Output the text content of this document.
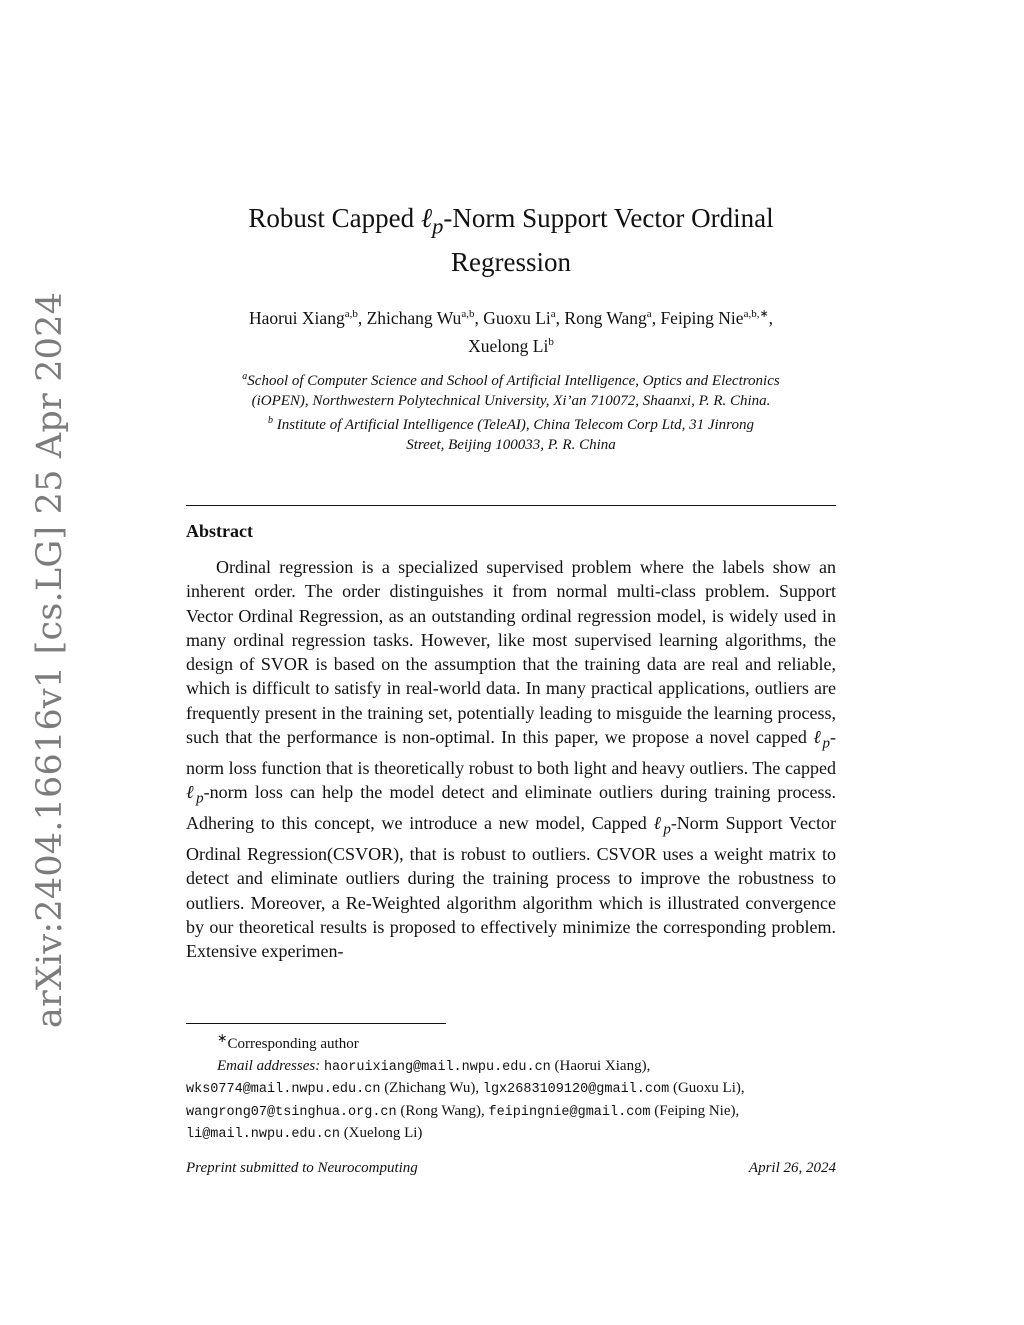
arXiv:2404.16616v1 [cs.LG] 25 Apr 2024
Robust Capped ℓ$_p$-Norm Support Vector Ordinal
Regression
Haorui Xiang$^{a,b}$, Zhichang Wu$^{a,b}$, Guoxu Li$^a$, Rong Wang$^a$, Feiping Nie$^{a,b,∗}$,
Xuelong Li$^b$
$^a$School of Computer Science and School of Artificial Intelligence, Optics and Electronics
(iOPEN), Northwestern Polytechnical University, Xi’an 710072, Shaanxi, P. R. China.
$^b$ Institute of Artificial Intelligence (TeleAI), China Telecom Corp Ltd, 31 Jinrong
Street, Beijing 100033, P. R. China
Abstract
Ordinal regression is a specialized supervised problem where the labels show an inherent order. The order distinguishes it from normal multi-class problem. Support Vector Ordinal Regression, as an outstanding ordinal regression model, is widely used in many ordinal regression tasks. However, like most supervised learning algorithms, the design of SVOR is based on the assumption that the training data are real and reliable, which is difficult to satisfy in real-world data. In many practical applications, outliers are frequently present in the training set, potentially leading to misguide the learning process, such that the performance is non-optimal. In this paper, we propose a novel capped ℓ$_p$-norm loss function that is theoretically robust to both light and heavy outliers. The capped ℓ$_p$-norm loss can help the model detect and eliminate outliers during training process. Adhering to this concept, we introduce a new model, Capped ℓ$_p$-Norm Support Vector Ordinal Regression(CSVOR), that is robust to outliers. CSVOR uses a weight matrix to detect and eliminate outliers during the training process to improve the robustness to outliers. Moreover, a Re-Weighted algorithm algorithm which is illustrated convergence by our theoretical results is proposed to effectively minimize the corresponding problem. Extensive experimen-
∗Corresponding author
Email addresses: haoruixiang@mail.nwpu.edu.cn (Haorui Xiang),
wks0774@mail.nwpu.edu.cn (Zhichang Wu), lgx2683109120@gmail.com (Guoxu Li),
wangrong07@tsinghua.org.cn (Rong Wang), feipingnie@gmail.com (Feiping Nie),
li@mail.nwpu.edu.cn (Xuelong Li)
Preprint submitted to Neurocomputing	April 26, 2024
